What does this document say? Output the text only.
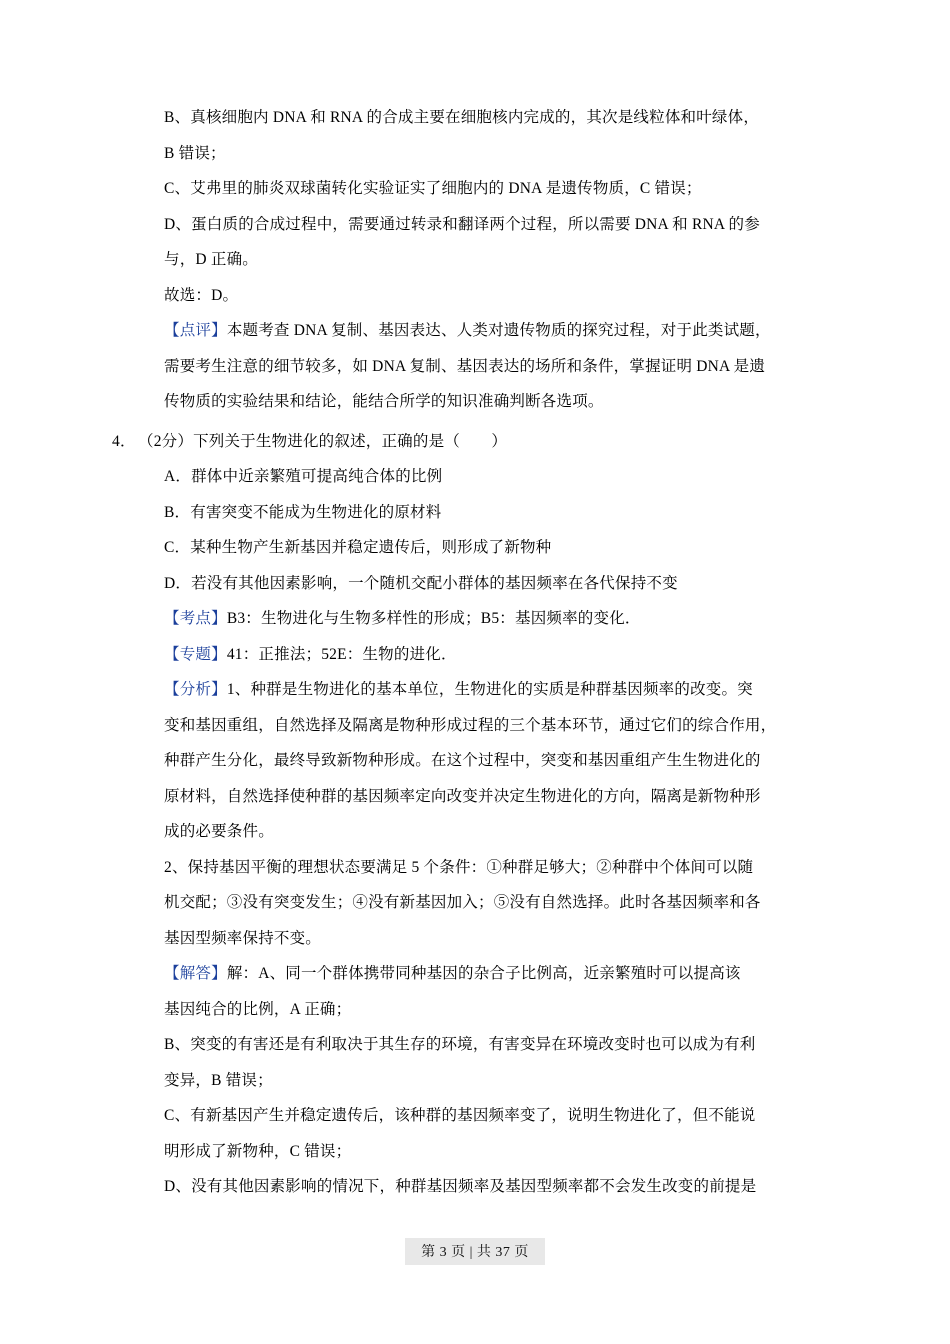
B、真核细胞内 DNA 和 RNA 的合成主要在细胞核内完成的，其次是线粒体和叶绿体，
B 错误；
C、艾弗里的肺炎双球菌转化实验证实了细胞内的 DNA 是遗传物质，C 错误；
D、蛋白质的合成过程中，需要通过转录和翻译两个过程，所以需要 DNA 和 RNA 的参
与，D 正确。
故选：D。
【点评】本题考查 DNA 复制、基因表达、人类对遗传物质的探究过程，对于此类试题，
需要考生注意的细节较多，如 DNA 复制、基因表达的场所和条件，掌握证明 DNA 是遗
传物质的实验结果和结论，能结合所学的知识准确判断各选项。
4． （2分）下列关于生物进化的叙述，正确的是（　　）
A．群体中近亲繁殖可提高纯合体的比例
B．有害突变不能成为生物进化的原材料
C．某种生物产生新基因并稳定遗传后，则形成了新物种
D．若没有其他因素影响，一个随机交配小群体的基因频率在各代保持不变
【考点】B3：生物进化与生物多样性的形成；B5：基因频率的变化．
【专题】41：正推法；52E：生物的进化．
【分析】1、种群是生物进化的基本单位，生物进化的实质是种群基因频率的改变。突
变和基因重组，自然选择及隔离是物种形成过程的三个基本环节，通过它们的综合作用，
种群产生分化，最终导致新物种形成。在这个过程中，突变和基因重组产生生物进化的
原材料，自然选择使种群的基因频率定向改变并决定生物进化的方向，隔离是新物种形
成的必要条件。
2、保持基因平衡的理想状态要满足 5 个条件：①种群足够大；②种群中个体间可以随
机交配；③没有突变发生；④没有新基因加入；⑤没有自然选择。此时各基因频率和各
基因型频率保持不变。
【解答】解：A、同一个群体携带同种基因的杂合子比例高，近亲繁殖时可以提高该
基因纯合的比例，A 正确；
B、突变的有害还是有利取决于其生存的环境，有害变异在环境改变时也可以成为有利
变异，B 错误；
C、有新基因产生并稳定遗传后，该种群的基因频率变了，说明生物进化了，但不能说
明形成了新物种，C 错误；
D、没有其他因素影响的情况下，种群基因频率及基因型频率都不会发生改变的前提是
第 3 页 | 共 37 页
